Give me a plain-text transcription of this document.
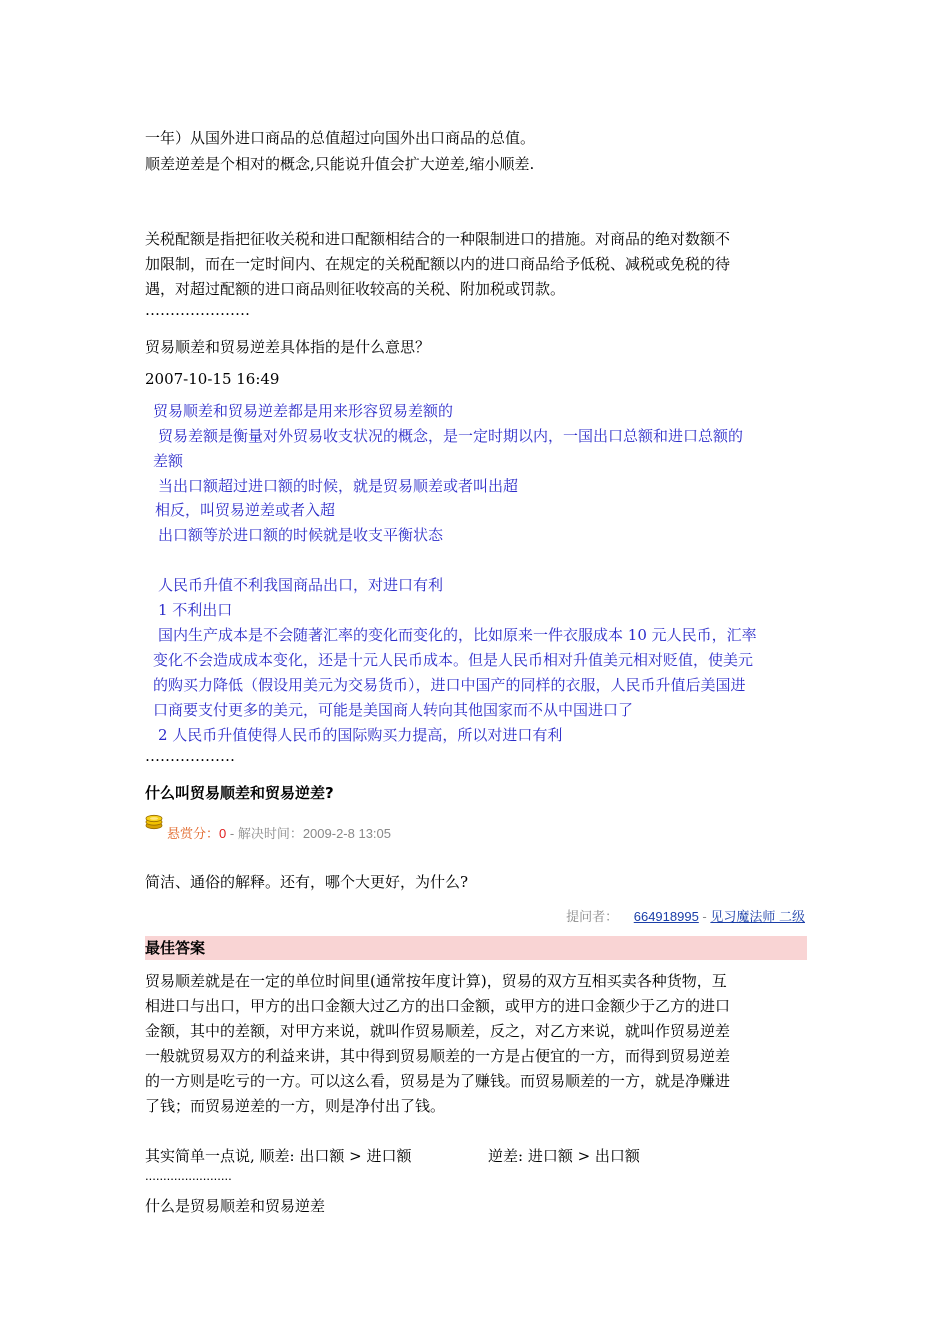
一年）从国外进口商品的总值超过向国外出口商品的总值。
顺差逆差是个相对的概念,只能说升值会扩大逆差,缩小顺差.
关税配额是指把征收关税和进口配额相结合的一种限制进口的措施。对商品的绝对数额不
加限制，而在一定时间内、在规定的关税配额以内的进口商品给予低税、减税或免税的待
遇，对超过配额的进口商品则征收较高的关税、附加税或罚款。
…………………
贸易顺差和贸易逆差具体指的是什么意思？
2007-10-15 16:49
贸易顺差和贸易逆差都是用来形容贸易差额的
贸易差额是衡量对外贸易收支状况的概念，是一定时期以内，一国出口总额和进口总额的
差额
当出口额超过进口额的时候，就是贸易顺差或者叫出超
相反，叫贸易逆差或者入超
出口额等於进口额的时候就是收支平衡状态
人民币升值不利我国商品出口，对进口有利
1 不利出口
国内生产成本是不会随著汇率的变化而变化的，比如原来一件衣服成本 10 元人民币，汇率
变化不会造成成本变化，还是十元人民币成本。但是人民币相对升值美元相对贬值，使美元
的购买力降低（假设用美元为交易货币），进口中国产的同样的衣服，人民币升值后美国进
口商要支付更多的美元，可能是美国商人转向其他国家而不从中国进口了
2 人民币升值使得人民币的国际购买力提高，所以对进口有利
………………
什么叫贸易顺差和贸易逆差?
悬赏分：0 - 解决时间：2009-2-8 13:05
简洁、通俗的解释。还有，哪个大更好，为什么?
提问者： 664918995 - 见习魔法师 二级
最佳答案
贸易顺差就是在一定的单位时间里(通常按年度计算)，贸易的双方互相买卖各种货物，互
相进口与出口，甲方的出口金额大过乙方的出口金额，或甲方的进口金额少于乙方的进口
金额，其中的差额，对甲方来说，就叫作贸易顺差，反之，对乙方来说，就叫作贸易逆差
一般就贸易双方的利益来讲，其中得到贸易顺差的一方是占便宜的一方，而得到贸易逆差
的一方则是吃亏的一方。可以这么看，贸易是为了赚钱。而贸易顺差的一方，就是净赚进
了钱；而贸易逆差的一方，则是净付出了钱。
其实简单一点说, 顺差: 出口额 > 进口额	逆差: 进口额 > 出口额
........................
什么是贸易顺差和贸易逆差
